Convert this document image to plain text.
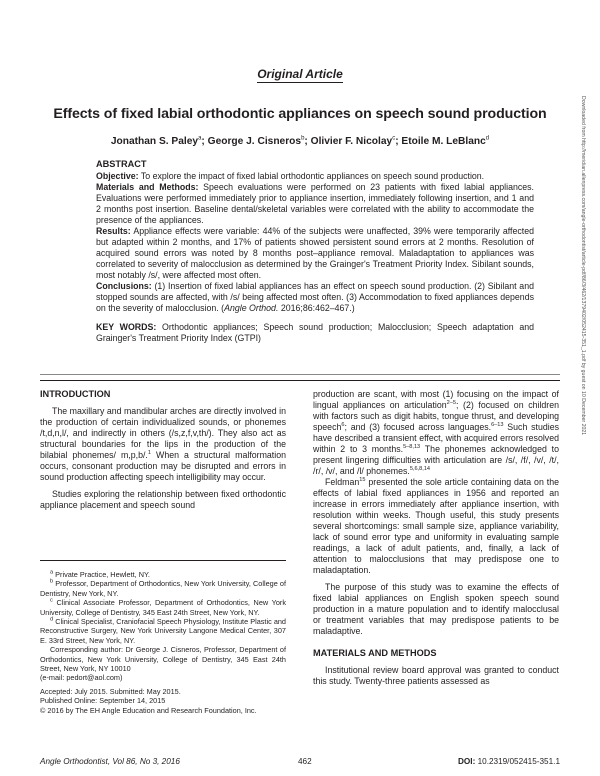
Original Article
Effects of fixed labial orthodontic appliances on speech sound production
Jonathan S. Paley$^a$; George J. Cisneros$^b$; Olivier F. Nicolay$^c$; Etoile M. LeBlanc$^d$

ABSTRACT

Objective: To explore the impact of fixed labial orthodontic appliances on speech sound production.

Materials and Methods: Speech evaluations were performed on 23 patients with fixed labial appliances. Evaluations were performed immediately prior to appliance insertion, immediately following insertion, and 1 and 2 months post insertion. Baseline dental/skeletal variables were correlated with the ability to accommodate the presence of the appliances.

Results: Appliance effects were variable: 44% of the subjects were unaffected, 39% were temporarily affected but adapted within 2 months, and 17% of patients showed persistent sound errors at 2 months. Resolution of acquired sound errors was noted by 8 months post–appliance removal. Maladaptation to appliances was correlated to severity of malocclusion as determined by the Grainger's Treatment Priority Index. Sibilant sounds, most notably /s/, were affected most often.

Conclusions: (1) Insertion of fixed labial appliances has an effect on speech sound production. (2) Sibilant and stopped sounds are affected, with /s/ being affected most often. (3) Accommodation to fixed appliances depends on the severity of malocclusion. (Angle Orthod. 2016;86:462–467.)

KEY WORDS: Orthodontic appliances; Speech sound production; Malocclusion; Speech adaptation and Grainger's Treatment Priority Index (GTPI)	Downloaded from http://meridian.allenpress.com/angle-orthodontist/article-pdf/86/3/462/1379402/052415-351_1.pdf by guest on 10 December 2021

INTRODUCTION

The maxillary and mandibular arches are directly involved in the production of certain individualized sounds, or phonemes /t,d,n,l/, and indirectly in others (/s,z,f,v,th/). They also act as structural boundaries for the lips in the production of the bilabial phonemes/ m,p,b/.$^1$ When a structural malformation occurs, consonant production may be disrupted and errors in sound production affecting speech intelligibility may occur.

Studies exploring the relationship between fixed orthodontic appliance placement and speech sound

$^a$ Private Practice, Hewlett, NY.

$^b$ Professor, Department of Orthodontics, New York University, College of Dentistry, New York, NY.

$^c$ Clinical Associate Professor, Department of Orthodontics, New York University, College of Dentistry, 345 East 24th Street, New York, NY.

$^d$ Clinical Specialist, Craniofacial Speech Physiology, Institute Plastic and Reconstructive Surgery, New York University Langone Medical Center, 307 E. 33rd Street, New York, NY.

Corresponding author: Dr George J. Cisneros, Professor, Department of Orthodontics, New York University, College of Dentistry, 345 East 24th Street, New York, NY 10010

(e-mail: pedort@aol.com)

Accepted: July 2015. Submitted: May 2015.

Published Online: September 14, 2015

© 2016 by The EH Angle Education and Research Foundation, Inc.

production are scant, with most (1) focusing on the impact of lingual appliances on articulation$^{2-5}$; (2) focused on children with factors such as digit habits, tongue thrust, and developing speech$^6$; and (3) focused across languages.$^{6-13}$ Such studies have described a transient effect, with acquired errors resolved within 2 to 3 months.$^{5-8,13}$ The phonemes acknowledged to present lingering difficulties with articulation are /s/, /f/, /v/, /t/, /r/, /v/, and /l/ phonemes.$^{5,6,8,14}$

Feldman$^{15}$ presented the sole article containing data on the effects of labial fixed appliances in 1956 and reported an increase in errors immediately after appliance insertion, with resolution within weeks. Though useful, this study presents several shortcomings: small sample size, appliance variability, lack of sound error type and uniformity in evaluating sample readings, a lack of adult patients, and, finally, a lack of attention to malocclusions that may predispose one to maladaptation.

The purpose of this study was to examine the effects of fixed labial appliances on English spoken speech sound production in a mature population and to identify malocclusal or treatment variables that may predispose patients to be maladaptive.

MATERIALS AND METHODS

Institutional review board approval was granted to conduct this study. Twenty-three patients assessed as

Angle Orthodontist, Vol 86, No 3, 2016	462	DOI: 10.2319/052415-351.1
